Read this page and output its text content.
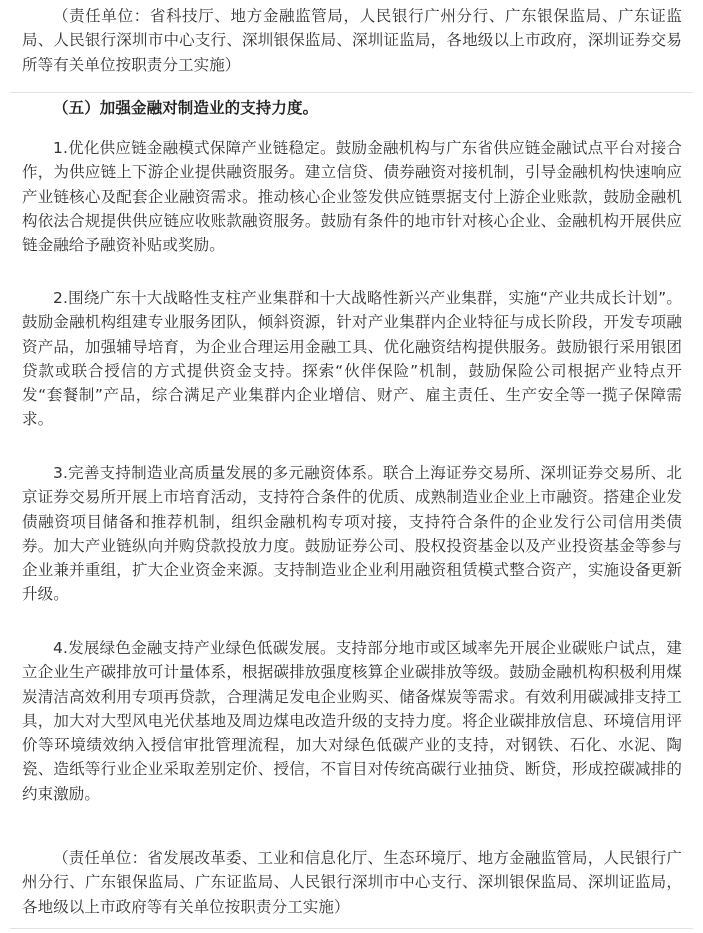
（责任单位：省科技厅、地方金融监管局，人民银行广州分行、广东银保监局、广东证监局、人民银行深圳市中心支行、深圳银保监局、深圳证监局，各地级以上市政府，深圳证券交易所等有关单位按职责分工实施）

（五）加强金融对制造业的支持力度。

1.优化供应链金融模式保障产业链稳定。鼓励金融机构与广东省供应链金融试点平台对接合作，为供应链上下游企业提供融资服务。建立信贷、债券融资对接机制，引导金融机构快速响应产业链核心及配套企业融资需求。推动核心企业签发供应链票据支付上游企业账款，鼓励金融机构依法合规提供供应链应收账款融资服务。鼓励有条件的地市针对核心企业、金融机构开展供应链金融给予融资补贴或奖励。

2.围绕广东十大战略性支柱产业集群和十大战略性新兴产业集群，实施“产业共成长计划”。鼓励金融机构组建专业服务团队，倾斜资源，针对产业集群内企业特征与成长阶段，开发专项融资产品，加强辅导培育，为企业合理运用金融工具、优化融资结构提供服务。鼓励银行采用银团贷款或联合授信的方式提供资金支持。探索“伙伴保险”机制，鼓励保险公司根据产业特点开发“套餐制”产品，综合满足产业集群内企业增信、财产、雇主责任、生产安全等一揽子保障需求。

3.完善支持制造业高质量发展的多元融资体系。联合上海证券交易所、深圳证券交易所、北京证券交易所开展上市培育活动，支持符合条件的优质、成熟制造业企业上市融资。搭建企业发债融资项目储备和推荐机制，组织金融机构专项对接，支持符合条件的企业发行公司信用类债券。加大产业链纵向并购贷款投放力度。鼓励证券公司、股权投资基金以及产业投资基金等参与企业兼并重组，扩大企业资金来源。支持制造业企业利用融资租赁模式整合资产，实施设备更新升级。

4.发展绿色金融支持产业绿色低碳发展。支持部分地市或区域率先开展企业碳账户试点，建立企业生产碳排放可计量体系，根据碳排放强度核算企业碳排放等级。鼓励金融机构积极利用煤炭清洁高效利用专项再贷款，合理满足发电企业购买、储备煤炭等需求。有效利用碳减排支持工具，加大对大型风电光伏基地及周边煤电改造升级的支持力度。将企业碳排放信息、环境信用评价等环境绩效纳入授信审批管理流程，加大对绿色低碳产业的支持，对钢铁、石化、水泥、陶瓷、造纸等行业企业采取差别定价、授信，不盲目对传统高碳行业抽贷、断贷，形成控碳减排的约束激励。

（责任单位：省发展改革委、工业和信息化厅、生态环境厅、地方金融监管局，人民银行广州分行、广东银保监局、广东证监局、人民银行深圳市中心支行、深圳银保监局、深圳证监局，各地级以上市政府等有关单位按职责分工实施）
